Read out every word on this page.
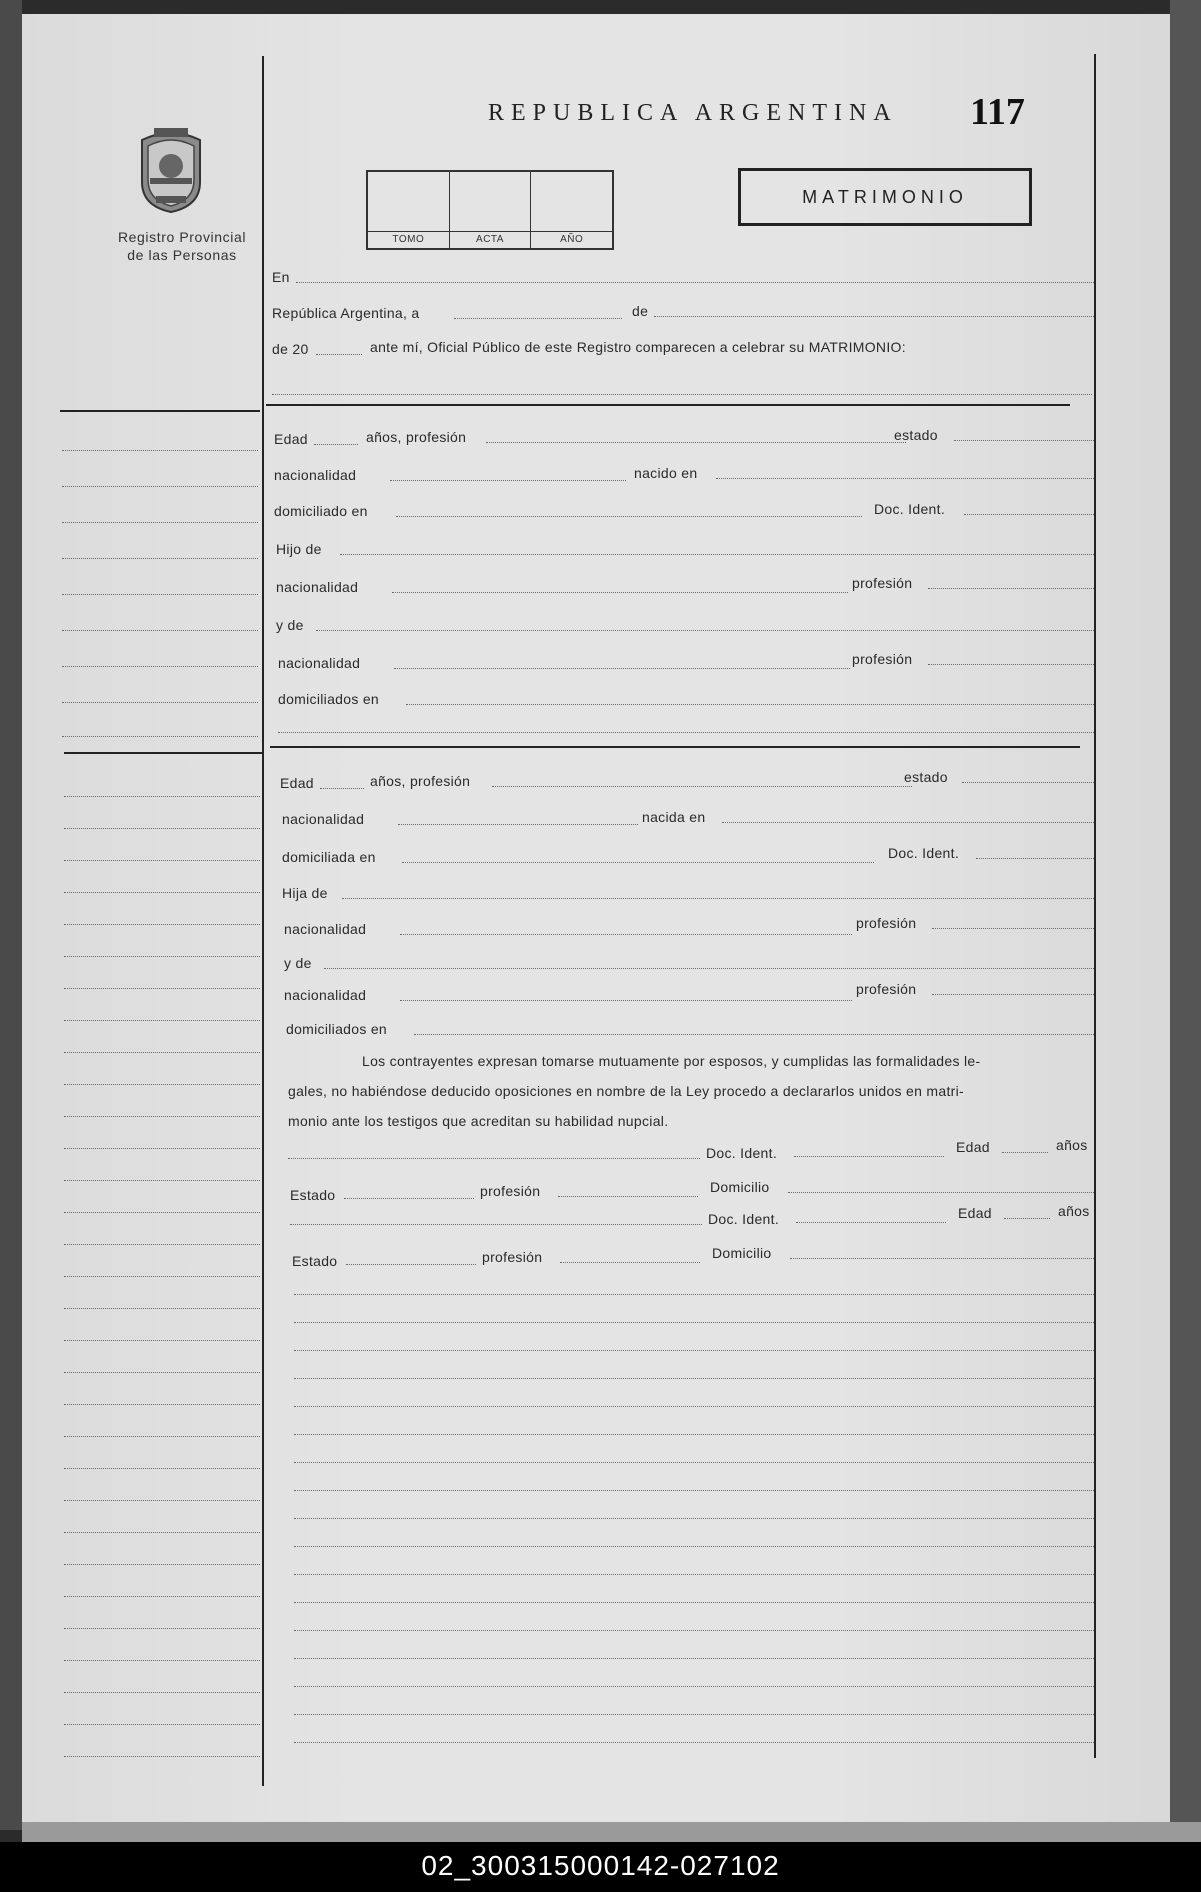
02_300315000142-027102
Registro Provincial
de las Personas
REPUBLICA ARGENTINA 117
TOMO	ACTA	AÑO
MATRIMONIO
En
República Argentina, a	de
de 20	ante mí, Oficial Público de este Registro comparecen a celebrar su MATRIMONIO:
Edad	años, profesión	estado
nacionalidad	nacido en
domiciliado en	Doc. Ident.
Hijo de
nacionalidad	profesión
y de
nacionalidad	profesión
domiciliados en
Edad	años, profesión	estado
nacionalidad	nacida en
domiciliada en	Doc. Ident.
Hija de
nacionalidad	profesión
y de
nacionalidad	profesión
domiciliados en
Los contrayentes expresan tomarse mutuamente por esposos, y cumplidas las formalidades le-
gales, no habiéndose deducido oposiciones en nombre de la Ley procedo a declararlos unidos en matri-
monio ante los testigos que acreditan su habilidad nupcial.
Doc. Ident.	Edad	años
Estado	profesión	Domicilio
Doc. Ident.	Edad	años
Estado	profesión	Domicilio
